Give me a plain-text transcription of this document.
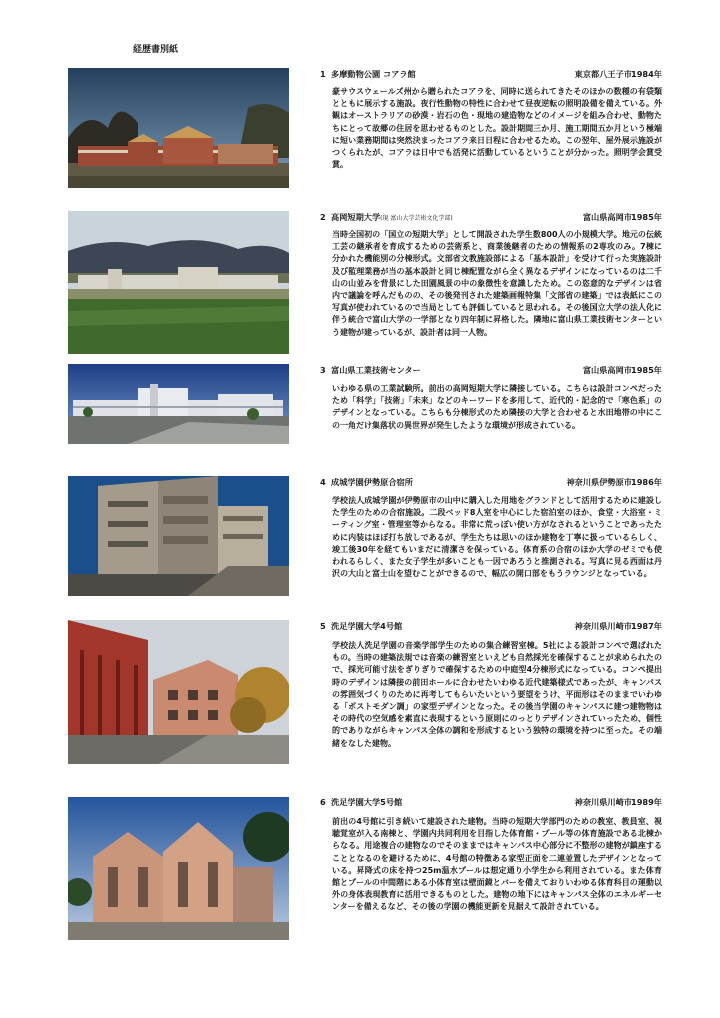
経歴書別紙
1 多摩動物公園 コアラ館	東京都八王子市 1984年

豪サウスウェールズ州から贈られたコアラを、同時に送られてきたそのほかの数種の有袋類とともに展示する施設。夜行性動物の特性に合わせて昼夜逆転の照明設備を備えている。外観はオーストラリアの砂漠・岩石の色・現地の建造物などのイメージを組み合わせ、動物たちにとって故郷の住居を思わせるものとした。設計期間三か月、施工期間五か月という極端に短い業務期間は突然決まったコアラ来日日程に合わせるため。この翌年、屋外展示施設がつくられたが、コアラは日中でも活発に活動しているということが分かった。照明学会賞受賞。

2 高岡短期大学(現 富山大学芸術文化学部)	富山県高岡市 1985年

当時全国初の「国立の短期大学」として開設された学生数800人の小規模大学。地元の伝統工芸の継承者を育成するための芸術系と、商業後継者のための情報系の2専攻のみ。7棟に分かれた機能別の分棟形式。文部省文教施設部による「基本設計」を受けて行った実施設計及び監理業務が当の基本設計と同じ棟配置ながら全く異なるデザインになっているのは二千山の山並みを背景にした田園風景の中の象徴性を意識したため。この恣意的なデザインは省内で議論を呼んだものの、その後発刊された建築画報特集「文部省の建築」では表紙にこの写真が使われているので当局としても評価していると思われる。その後国立大学の法人化に伴う統合で富山大学の一学部となり四年制に昇格した。隣地に富山県工業技術センターという建物が建っているが、設計者は同一人物。

3 富山県工業技術センター	富山県高岡市 1985年

いわゆる県の工業試験所。前出の高岡短期大学に隣接している。こちらは設計コンペだったため「科学」「技術」「未来」などのキーワードを多用して、近代的・記念的で「寒色系」のデザインとなっている。こちらも分棟形式のため隣接の大学と合わせると水田地帯の中にこの一角だけ集落状の異世界が発生したような環境が形成されている。

4 成城学園伊勢原合宿所	神奈川県伊勢原市 1986年

学校法人成城学園が伊勢原市の山中に購入した用地をグランドとして活用するために建設した学生のための合宿施設。二段ベッド8人室を中心にした宿泊室のほか、食堂・大浴室・ミーティング室・管理室等からなる。非常に荒っぽい使い方がなされるということであったために内装はほぼ打ち放しであるが、学生たちは思いのほか建物を丁寧に扱っているらしく、竣工後30年を経てもいまだに清潔さを保っている。体育系の合宿のほか大学のゼミでも使われるらしく、また女子学生が多いことも一因であろうと推測される。写真に見る西面は丹沢の大山と富士山を望むことができるので、幅広の開口部をもうラウンジとなっている。

5 洗足学園大学4号館	神奈川県川崎市 1987年

学校法人洗足学園の音楽学部学生のための集合練習室棟。5社による設計コンペで選ばれたもの。当時の建築法規では音楽の練習室といえども自然採光を確保することが求められたので、採光可能寸法をぎりぎりで確保するための中庭型4分棟形式になっている。コンペ提出時のデザインは隣接の前田ホールに合わせたいわゆる近代建築様式であったが、キャンパスの雰囲気づくりのために再考してもらいたいという要望をうけ、平面形はそのままでいわゆる「ポストモダン調」の家型デザインとなった。その後当学園のキャンパスに建つ建物物はその時代の空気感を素直に表現するという原則にのっとりデザインされていったため、個性的でありながらキャンパス全体の調和を形成するという独特の環境を持つに至った。その端緒をなした建物。

6 洗足学園大学5号館	神奈川県川崎市 1989年

前出の4号館に引き続いて建設された建物。当時の短期大学部門のための教室、教員室、視聴覚室が入る南棟と、学園内共同利用を目指した体育館・プール等の体育施設である北棟からなる。用途複合の建物なのでそのままではキャンパス中心部分に不整形の建物が鎮座することとなるのを避けるために、4号館の特徴ある家型正面を二連並置したデザインとなっている。昇降式の床を持つ25m温水プールは想定通り小学生から利用されている。また体育館とプールの中間階にある小体育室は壁面鏡とバーを備えておりいわゆる体育科目の運動以外の身体表現教育に活用できるものとした。建物の地下にはキャンパス全体のエネルギーセンターを備えるなど、その後の学園の機能更新を見据えて設計されている。
